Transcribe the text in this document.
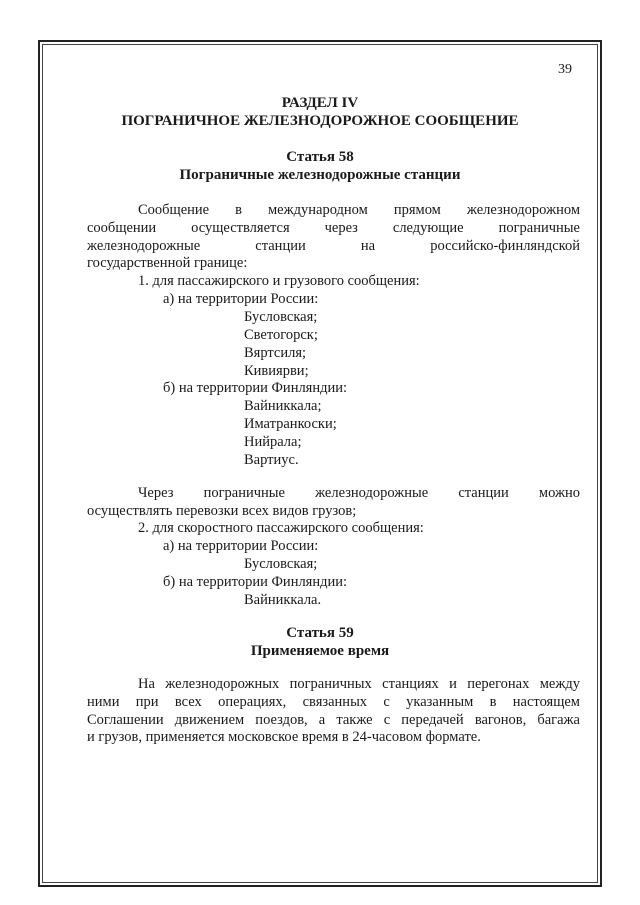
39
РАЗДЕЛ IV
ПОГРАНИЧНОЕ ЖЕЛЕЗНОДОРОЖНОЕ СООБЩЕНИЕ
Статья 58
Пограничные железнодорожные станции
Сообщение в международном прямом железнодорожном
сообщении осуществляется через следующие пограничные
железнодорожные станции на российско-финляндской
государственной границе:
1. для пассажирского и грузового сообщения:
а) на территории России:
Бусловская;
Светогорск;
Вяртсиля;
Кивиярви;
б) на территории Финляндии:
Вайниккала;
Иматранкоски;
Нийрала;
Вартиус.
Через пограничные железнодорожные станции можно
осуществлять перевозки всех видов грузов;
2. для скоростного пассажирского сообщения:
а) на территории России:
Бусловская;
б) на территории Финляндии:
Вайниккала.
Статья 59
Применяемое время
На железнодорожных пограничных станциях и перегонах между
ними при всех операциях, связанных с указанным в настоящем
Соглашении движением поездов, а также с передачей вагонов, багажа
и грузов, применяется московское время в 24-часовом формате.
